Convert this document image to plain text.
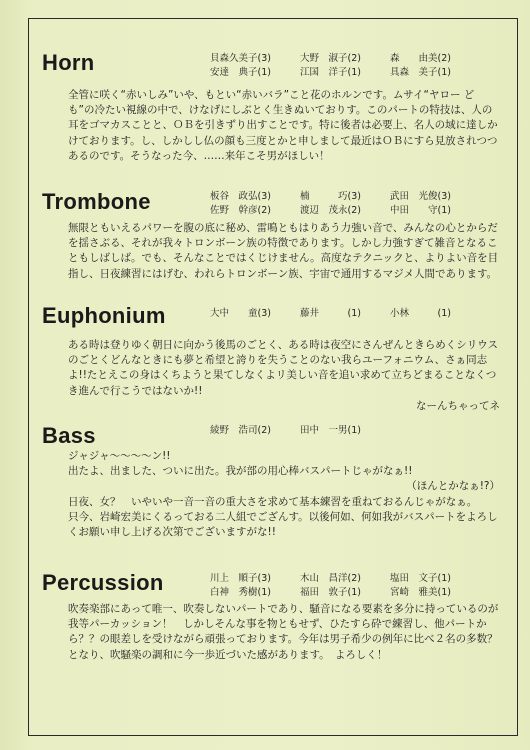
Horn	貝森久美子(3)	大野　淑子(2)	森　　由美(2)
安達　典子(1)	江国　洋子(1)	具森　美子(1)

全管に咲く“赤いしみ”いや、もとい“赤いバラ”こと花のホルンです。ムサイ“ヤロー ども”の冷たい視線の中で、けなげにしぶとく生きぬいておりす。このパートの特技は、人の耳をゴマカスことと、ＯＢを引きずり出すことです。特に後者は必要上、名人の域に達しかけております。し、しかしし仏の顔も三度とかと申しまして最近はＯＢにすら見放されつつあるのです。そうなった今、‥‥‥来年こそ男がほしい！

Trombone	板谷　政弘(3)	楠　　　巧(3)	武田　光俊(3)
佐野　幹彦(2)	渡辺　茂永(2)	中田　　守(1)

無限ともいえるパワーを腹の底に秘め、雷鳴ともはりあう力強い音で、みんなの心とからだを揺さぶる、それが我々トロンボーン族の特徴であります。しかし力強すぎて雑音となることもしばしば。でも、そんなことではくじけません。高度なテクニックと、よりよい音を目指し、日夜練習にはげむ、われらトロンボーン族、宇宙で通用するマジメ人間であります。

Euphonium	大中　　童(3)	藤井　　　(1)	小林　　　(1)

ある時は登りゆく朝日に向かう後馬のごとく、ある時は夜空にさんぜんときらめくシリウスのごとくどんなときにも夢と希望と誇りを失うことのない我らユーフォニウム、さぁ同志よ!!たとえこの身はくちようと果てしなくよリ美しい音を追い求めて立ちどまることなくつき進んで行こうではないか!!

なーんちゃってネ

Bass	綾野　浩司(2)	田中　一男(1)

ジャジャ～～～～ン!!

出たよ、出ました、ついに出た。我が部の用心棒バスパートじゃがなぁ!!

（ほんとかなぁ!?）

日夜、女？　いやいや一音一音の重大さを求めて基本練習を重ねておるんじゃがなぁ。

只今、岩崎宏美にくるっておる二人組でござんす。以後何如、何如我がバスパートをよろしくお願い申し上げる次第でございますがな!!

Percussion	川上　順子(3)	木山　昌洋(2)	塩田　文子(1)
白神　秀樹(1)	福田　敦子(1)	宮崎　雅美(1)

吹奏楽部にあって唯一、吹奏しないパートであり、騒音になる要素を多分に持っているのが我等パーカッション！　しかしそんな事を物ともせず、ひたすら砕で練習し、他パートから？？の眼差しを受けながら頑張っております。今年は男子希少の例年に比べ２名の多数？となり、吹騒楽の調和に今一歩近づいた感があります。　よろしく！
